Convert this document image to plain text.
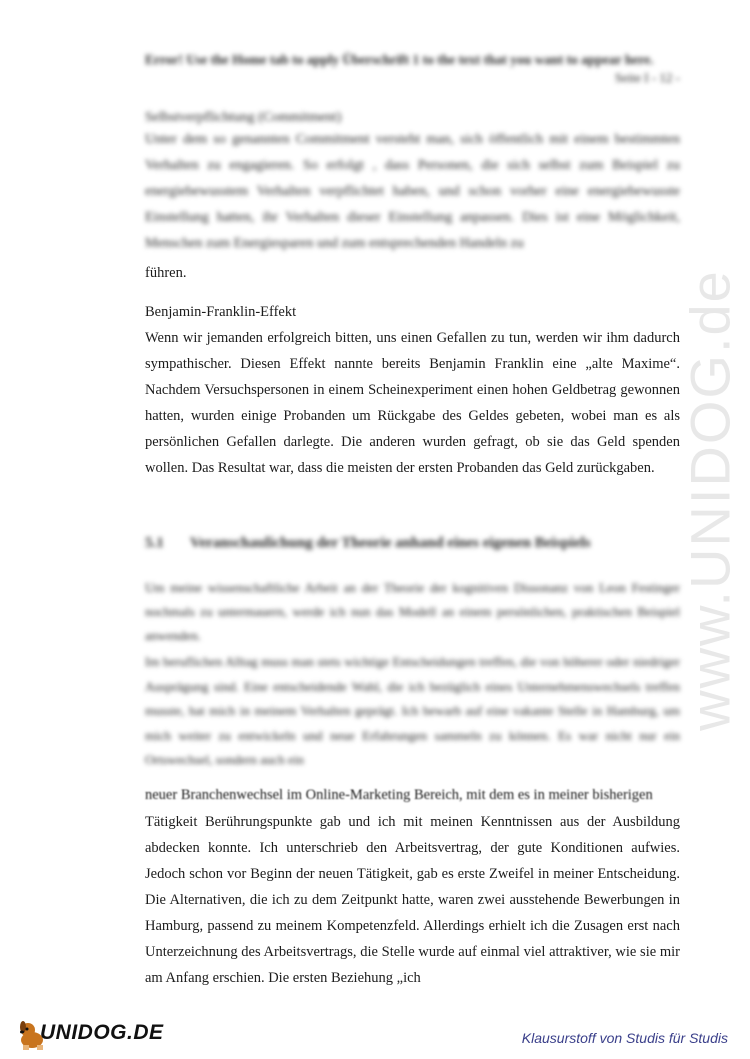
Error! Use the Home tab to apply Überschrift 1 to the text that you want to appear here.
Seite I - 12 -
Selbstverpflichtung (Commitment)
Unter dem so genannten Commitment versteht man, sich öffentlich mit einem bestimmten Verhalten zu engagieren. So erfolgt , dass Personen, die sich selbst zum Beispiel zu energiebewusstem Verhalten verpflichtet haben, und schon vorher eine energiebewusste Einstellung hatten, ihr Verhalten dieser Einstellung anpassen. Dies ist eine Möglichkeit, Menschen zum Energiesparen und zum entsprechenden Handeln zu
führen.
Benjamin-Franklin-Effekt
Wenn wir jemanden erfolgreich bitten, uns einen Gefallen zu tun, werden wir ihm dadurch sympathischer. Diesen Effekt nannte bereits Benjamin Franklin eine „alte Maxime“. Nachdem Versuchspersonen in einem Scheinexperiment einen hohen Geldbetrag gewonnen hatten, wurden einige Probanden um Rückgabe des Geldes gebeten, wobei man es als persönlichen Gefallen darlegte. Die anderen wurden gefragt, ob sie das Geld spenden wollen. Das Resultat war, dass die meisten der ersten Probanden das Geld zurückgaben.
5.1 Veranschaulichung der Theorie anhand eines eigenen Beispiels
Um meine wissenschaftliche Arbeit an der Theorie der kognitiven Dissonanz von Leon Festinger nochmals zu untermauern, werde ich nun das Modell an einem persönlichen, praktischen Beispiel anwenden.
Im beruflichen Alltag muss man stets wichtige Entscheidungen treffen, die von höherer oder niedriger Ausprägung sind. Eine entscheidende Wahl, die ich bezüglich eines Unternehmenswechsels treffen musste, hat mich in meinem Verhalten geprägt. Ich bewarb auf eine vakante Stelle in Hamburg, um mich weiter zu entwickeln und neue Erfahrungen sammeln zu können. Es war nicht nur ein Ortswechsel, sondern auch ein
neuer Branchenwechsel im Online-Marketing Bereich, mit dem es in meiner bisherigen
Tätigkeit Berührungspunkte gab und ich mit meinen Kenntnissen aus der Ausbildung abdecken konnte. Ich unterschrieb den Arbeitsvertrag, der gute Konditionen aufwies. Jedoch schon vor Beginn der neuen Tätigkeit, gab es erste Zweifel in meiner Entscheidung. Die Alternativen, die ich zu dem Zeitpunkt hatte, waren zwei ausstehende Bewerbungen in Hamburg, passend zu meinem Kompetenzfeld. Allerdings erhielt ich die Zusagen erst nach Unterzeichnung des Arbeitsvertrags, die Stelle wurde auf einmal viel attraktiver, wie sie mir am Anfang erschien. Die ersten Beziehung „ich
www.UNIDOG.de
UNIDOG.DE	Klausurstoff von Studis für Studis
